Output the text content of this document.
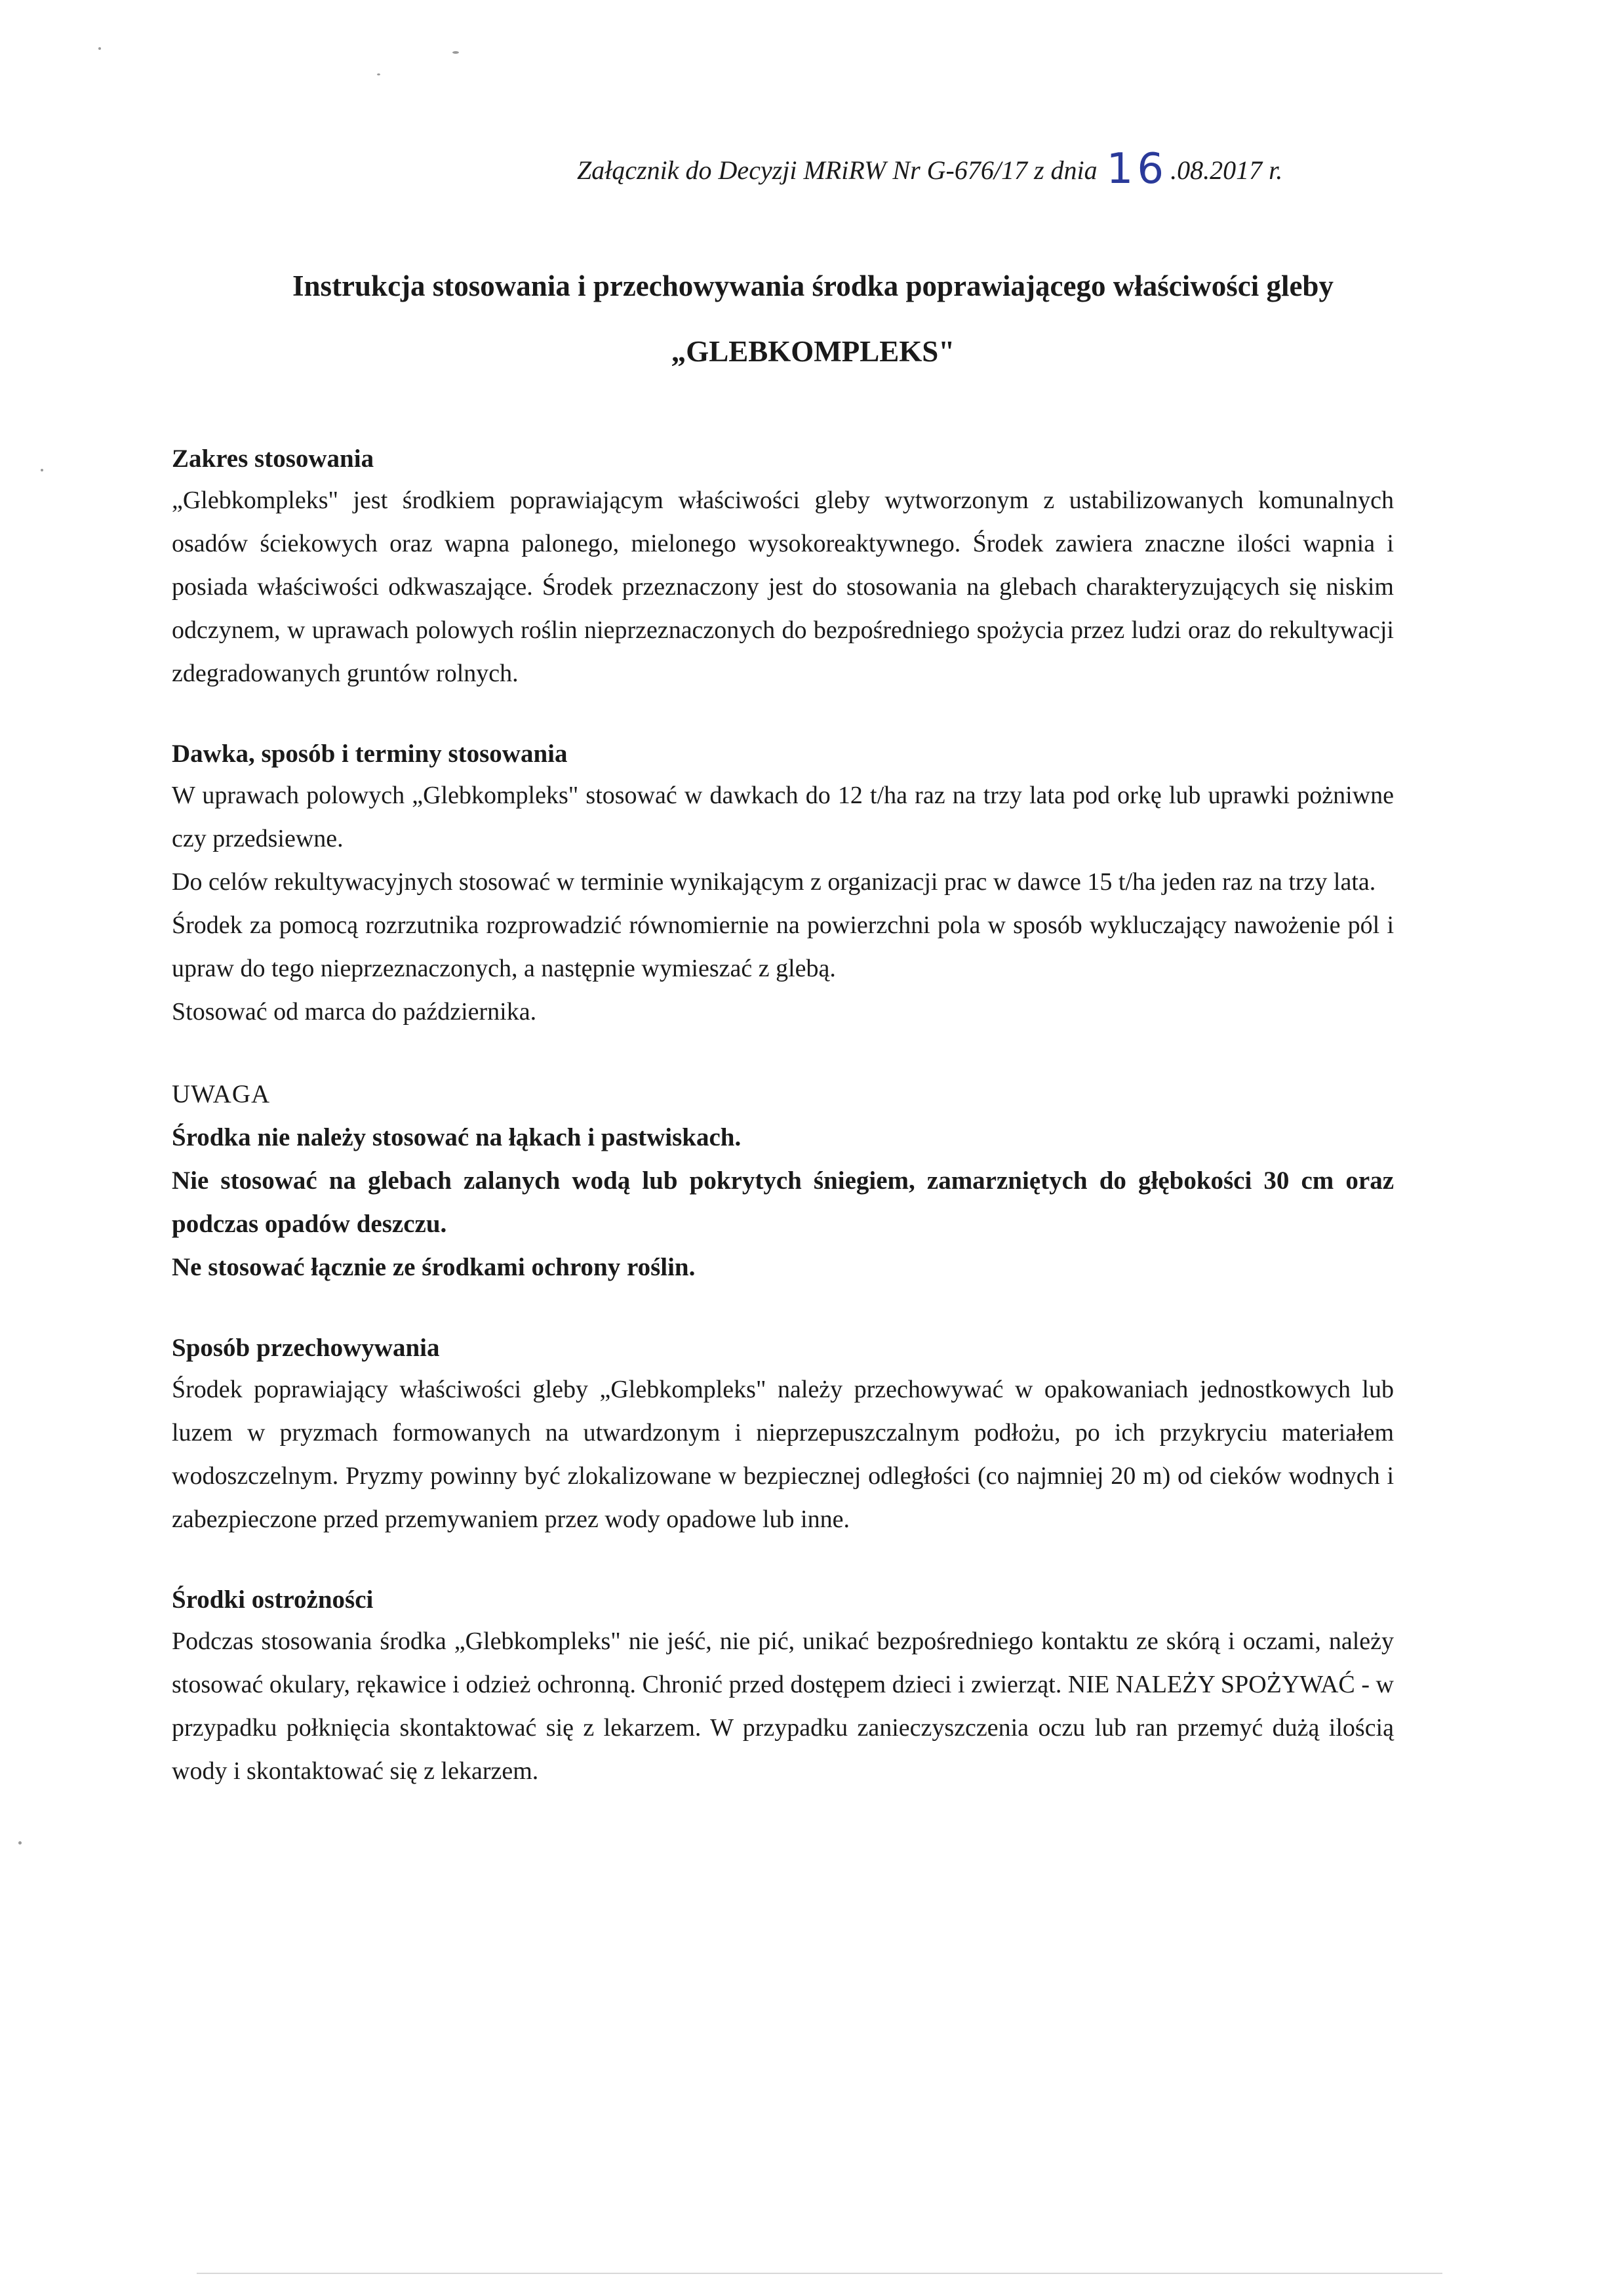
Załącznik do Decyzji MRiRW Nr G-676/17 z dnia 16 .08.2017 r.
Instrukcja stosowania i przechowywania środka poprawiającego właściwości gleby
„GLEBKOMPLEKS"
Zakres stosowania
„Glebkompleks" jest środkiem poprawiającym właściwości gleby wytworzonym z ustabilizowanych komunalnych osadów ściekowych oraz wapna palonego, mielonego wysokoreaktywnego. Środek zawiera znaczne ilości wapnia i posiada właściwości odkwaszające. Środek przeznaczony jest do stosowania na glebach charakteryzujących się niskim odczynem, w uprawach polowych roślin nieprzeznaczonych do bezpośredniego spożycia przez ludzi oraz do rekultywacji zdegradowanych gruntów rolnych.
Dawka, sposób i terminy stosowania
W uprawach polowych „Glebkompleks" stosować w dawkach do 12 t/ha raz na trzy lata pod orkę lub uprawki pożniwne czy przedsiewne.
Do celów rekultywacyjnych stosować w terminie wynikającym z organizacji prac w dawce 15 t/ha jeden raz na trzy lata.
Środek za pomocą rozrzutnika rozprowadzić równomiernie na powierzchni pola w sposób wykluczający nawożenie pól i upraw do tego nieprzeznaczonych, a następnie wymieszać z glebą.
Stosować od marca do października.
UWAGA
Środka nie należy stosować na łąkach i pastwiskach.
Nie stosować na glebach zalanych wodą lub pokrytych śniegiem, zamarzniętych do głębokości 30 cm oraz podczas opadów deszczu.
Ne stosować łącznie ze środkami ochrony roślin.
Sposób przechowywania
Środek poprawiający właściwości gleby „Glebkompleks" należy przechowywać w opakowaniach jednostkowych lub luzem w pryzmach formowanych na utwardzonym i nieprzepuszczalnym podłożu, po ich przykryciu materiałem wodoszczelnym. Pryzmy powinny być zlokalizowane w bezpiecznej odległości (co najmniej 20 m) od cieków wodnych i zabezpieczone przed przemywaniem przez wody opadowe lub inne.
Środki ostrożności
Podczas stosowania środka „Glebkompleks" nie jeść, nie pić, unikać bezpośredniego kontaktu ze skórą i oczami, należy stosować okulary, rękawice i odzież ochronną. Chronić przed dostępem dzieci i zwierząt. NIE NALEŻY SPOŻYWAĆ - w przypadku połknięcia skontaktować się z lekarzem. W przypadku zanieczyszczenia oczu lub ran przemyć dużą ilością wody i skontaktować się z lekarzem.
